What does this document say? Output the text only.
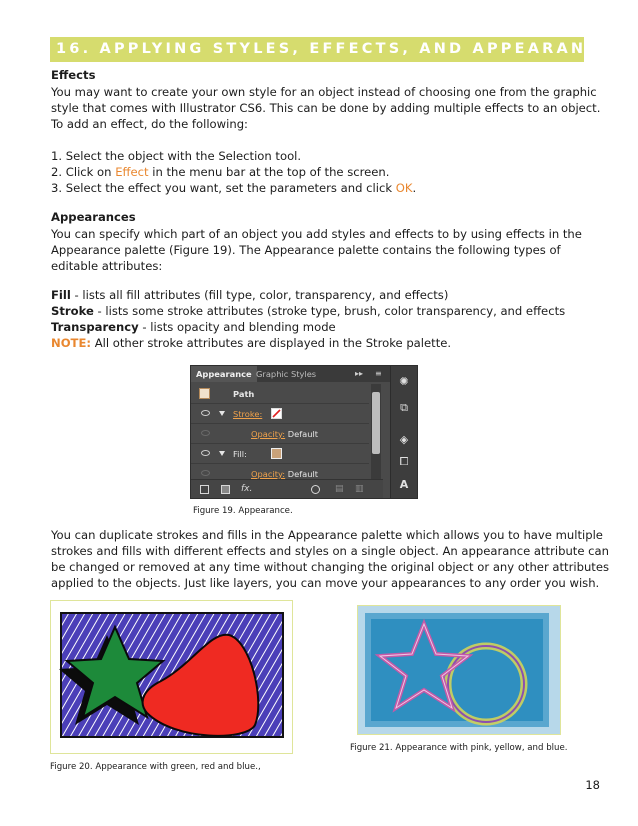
16. APPLYING STYLES, EFFECTS, AND APPEARANCES
Effects
You may want to create your own style for an object instead of choosing one from the graphic
style that comes with Illustrator CS6. This can be done by adding multiple effects to an object.
To add an effect, do the following:
1. Select the object with the Selection tool.
2. Click on Effect in the menu bar at the top of the screen.
3. Select the effect you want, set the parameters and click OK.
Appearances
You can specify which part of an object you add styles and effects to by using effects in the
Appearance palette (Figure 19). The Appearance palette contains the following types of
editable attributes:
Fill - lists all fill attributes (fill type, color, transparency, and effects)
Stroke - lists some stroke attributes (stroke type, brush, color transparency, and effects
Transparency - lists opacity and blending mode
NOTE: All other stroke attributes are displayed in the Stroke palette.
Appearance Graphic Styles	▸▸ ≡
Path
Stroke:
Opacity: Default
Fill:
Opacity: Default
fx.	▤ ▥
✺
⧉
◈
⧠
A
Figure 19. Appearance.
You can duplicate strokes and fills in the Appearance palette which allows you to have multiple
strokes and fills with different effects and styles on a single object. An appearance attribute can
be changed or removed at any time without changing the original object or any other attributes
applied to the objects. Just like layers, you can move your appearances to any order you wish.
Figure 20. Appearance with green, red and blue.,
Figure 21. Appearance with pink, yellow, and blue.
18
